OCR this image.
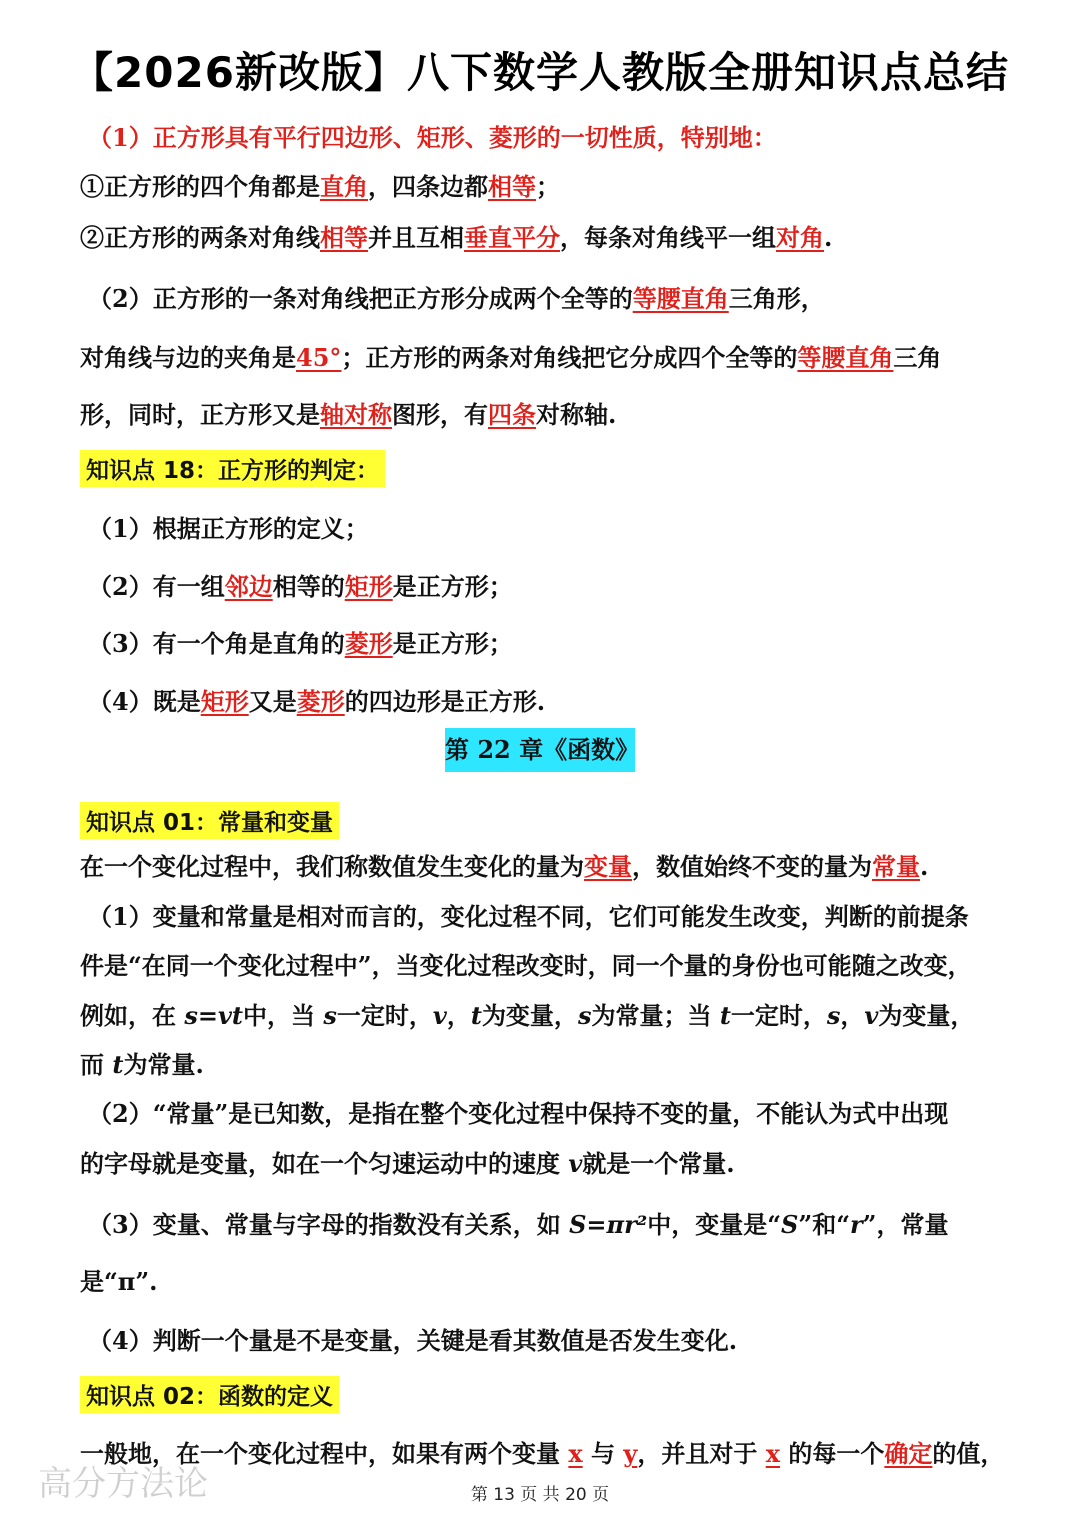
【2026新改版】八下数学人教版全册知识点总结
（1）正方形具有平行四边形、矩形、菱形的一切性质，特别地：
①正方形的四个角都是直角，四条边都相等；
②正方形的两条对角线相等并且互相垂直平分，每条对角线平一组对角.
（2）正方形的一条对角线把正方形分成两个全等的等腰直角三角形，
对角线与边的夹角是45°；正方形的两条对角线把它分成四个全等的等腰直角三角
形，同时，正方形又是轴对称图形，有四条对称轴.
知识点 18：正方形的判定：
（1）根据正方形的定义；
（2）有一组邻边相等的矩形是正方形；
（3）有一个角是直角的菱形是正方形；
（4）既是矩形又是菱形的四边形是正方形.
第 22 章《函数》
知识点 01：常量和变量
在一个变化过程中，我们称数值发生变化的量为变量，数值始终不变的量为常量.
（1）变量和常量是相对而言的，变化过程不同，它们可能发生改变，判断的前提条
件是“在同一个变化过程中”，当变化过程改变时，同一个量的身份也可能随之改变，
例如，在 s=vt中，当 s一定时，v，t为变量，s为常量；当 t一定时，s，v为变量，
而 t为常量.
（2）“常量”是已知数，是指在整个变化过程中保持不变的量，不能认为式中出现
的字母就是变量，如在一个匀速运动中的速度 v就是一个常量.
（3）变量、常量与字母的指数没有关系，如 S=πr²中，变量是“S”和“r”，常量
是“π”.
（4）判断一个量是不是变量，关键是看其数值是否发生变化.
知识点 02：函数的定义
一般地，在一个变化过程中，如果有两个变量 x 与 y，并且对于 x 的每一个确定的值，
高分方法论	第 13 页 共 20 页
